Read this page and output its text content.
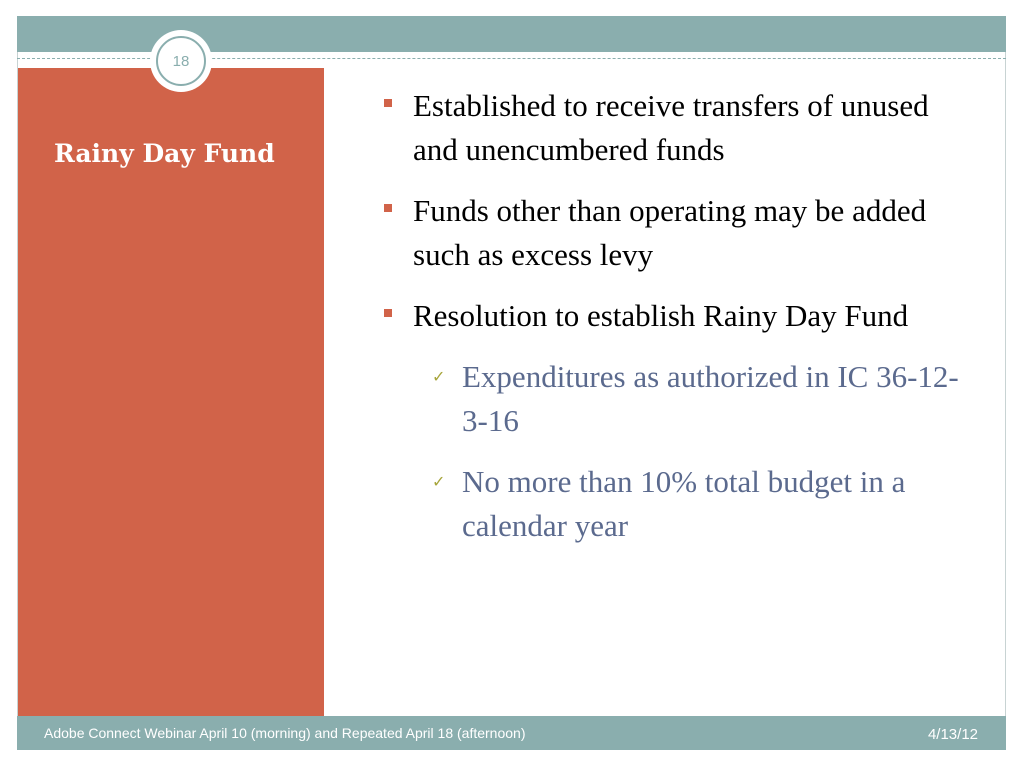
Rainy Day Fund
18
Established to receive transfers of unused and unencumbered funds
Funds other than operating may be added such as excess levy
Resolution to establish Rainy Day Fund
✓ Expenditures as authorized in IC 36-12-3-16
✓ No more than 10% total budget in a calendar year
Adobe Connect Webinar April 10 (morning) and Repeated April 18 (afternoon)	4/13/12
